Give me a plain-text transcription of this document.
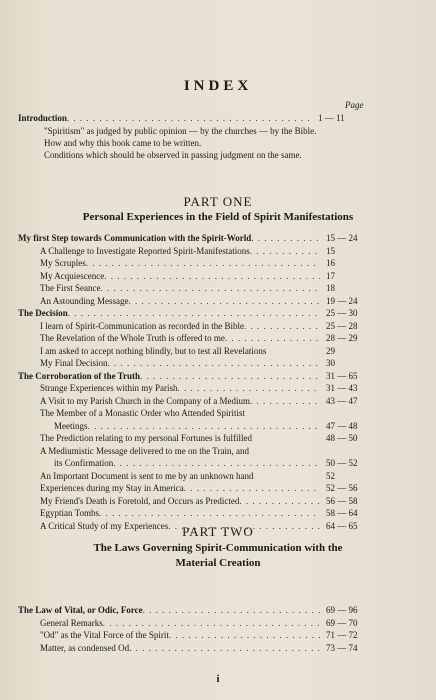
INDEX
Page
Introduction . . .	1 — 11
"Spiritism" as judged by public opinion — by the churches — by the Bible.
How and why this book came to be written.
Conditions which should be observed in passing judgment on the same.
PART ONE
Personal Experiences in the Field of Spirit Manifestations
My first Step towards Communication with the Spirit-World . . .	15 — 24
A Challenge to Investigate Reported Spirit-Manifestations . . .	15
My Scruples . . .	16
My Acquiescence . . .	17
The First Seance . . .	18
An Astounding Message . . .	19 — 24
The Decision . . .	25 — 30
I learn of Spirit-Communication as recorded in the Bible . . .	25 — 28
The Revelation of the Whole Truth is offered to me . . .	28 — 29
I am asked to accept nothing blindly, but to test all Revelations	29
My Final Decision . . .	30
The Corroboration of the Truth . . .	31 — 65
Strange Experiences within my Parish . . .	31 — 43
A Visit to my Parish Church in the Company of a Medium . . .	43 — 47
The Member of a Monastic Order who Attended Spiritist
Meetings . . .	47 — 48
The Prediction relating to my personal Fortunes is fulfilled	48 — 50
A Mediumistic Message delivered to me on the Train, and
its Confirmation . . .	50 — 52
An Important Document is sent to me by an unknown hand	52
Experiences during my Stay in America . . .	52 — 56
My Friend's Death is Foretold, and Occurs as Predicted . . .	56 — 58
Egyptian Tombs . . .	58 — 64
A Critical Study of my Experiences . . .	64 — 65
PART TWO
The Laws Governing Spirit-Communication with the
Material Creation
The Law of Vital, or Odic, Force . . .	69 — 96
General Remarks . . .	69 — 70
"Od" as the Vital Force of the Spirit . . .	71 — 72
Matter, as condensed Od . . .	73 — 74
i
